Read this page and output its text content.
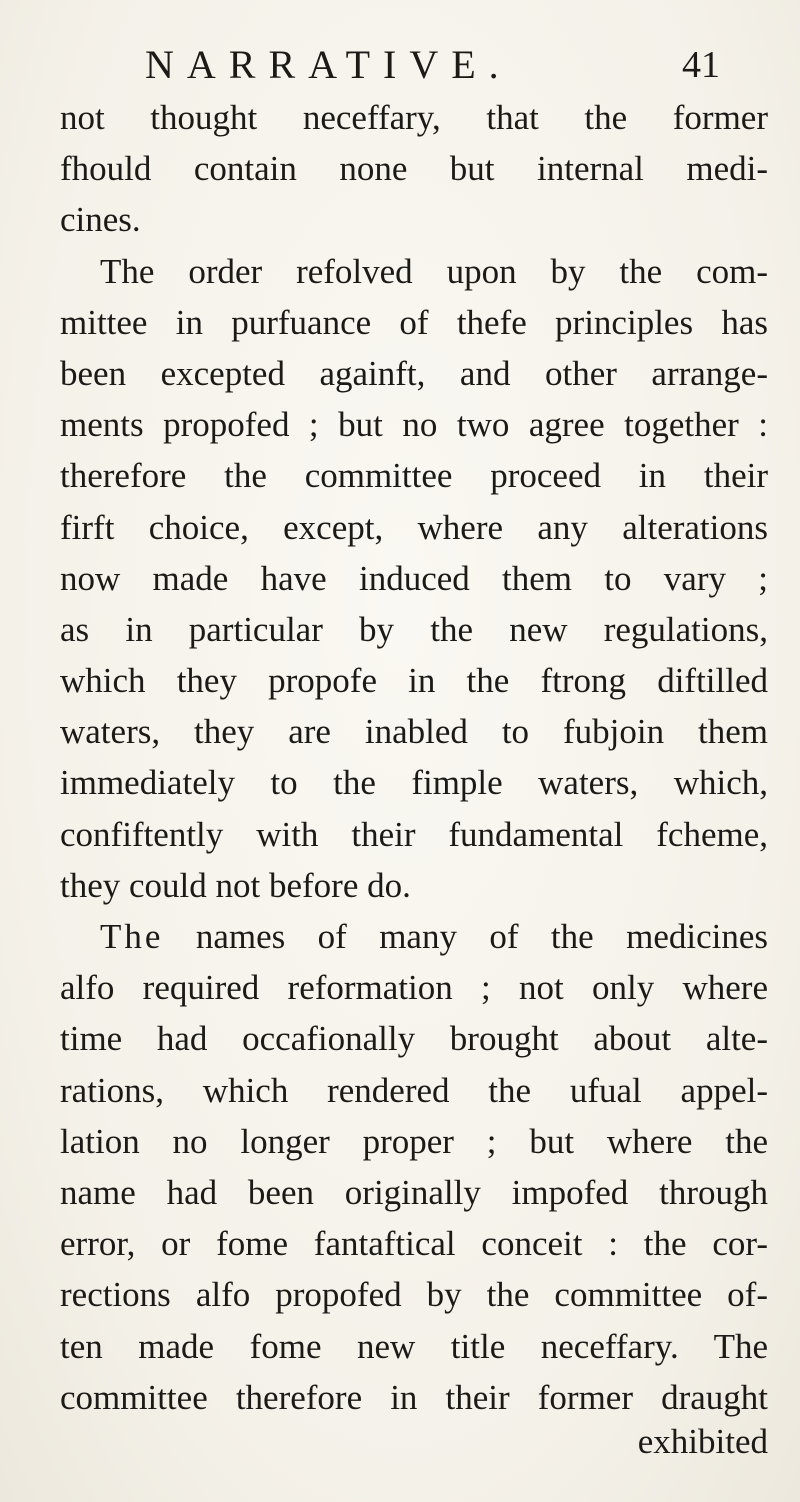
NARRATIVE.	41
not thought neceffary, that the former
fhould contain none but internal medi-
cines.
The order refolved upon by the com-
mittee in purfuance of thefe principles has
been excepted againft, and other arrange-
ments propofed ; but no two agree together :
therefore the committee proceed in their
firft choice, except, where any alterations
now made have induced them to vary ;
as in particular by the new regulations,
which they propofe in the ftrong diftilled
waters, they are inabled to fubjoin them
immediately to the fimple waters, which,
confiftently with their fundamental fcheme,
they could not before do.
The names of many of the medicines
alfo required reformation ; not only where
time had occafionally brought about alte-
rations, which rendered the ufual appel-
lation no longer proper ; but where the
name had been originally impofed through
error, or fome fantaftical conceit : the cor-
rections alfo propofed by the committee of-
ten made fome new title neceffary. The
committee therefore in their former draught
exhibited
